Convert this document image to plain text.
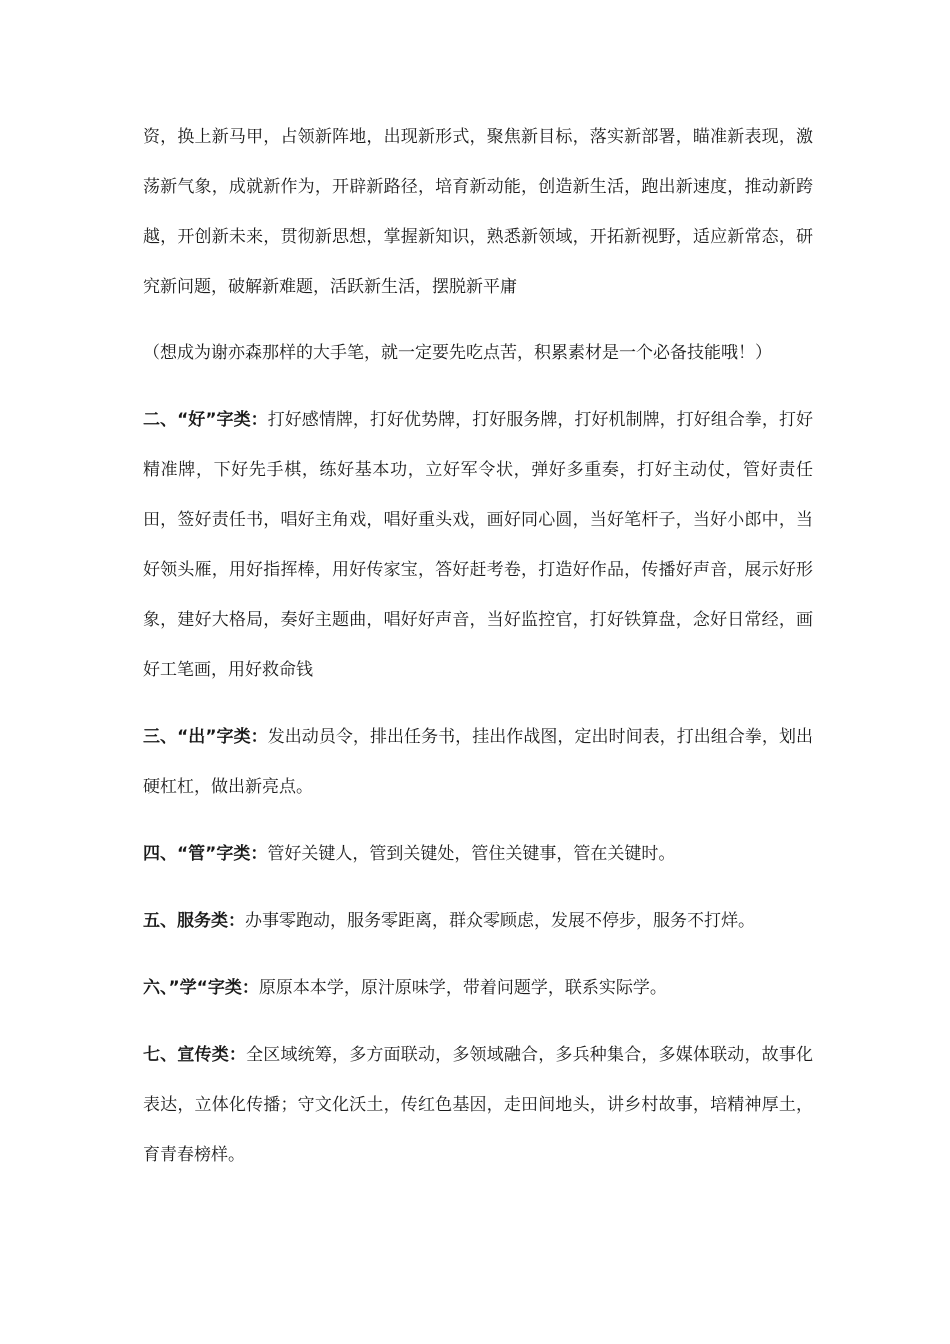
资，换上新马甲，占领新阵地，出现新形式，聚焦新目标，落实新部署，瞄准新表现，激荡新气象，成就新作为，开辟新路径，培育新动能，创造新生活，跑出新速度，推动新跨越，开创新未来，贯彻新思想，掌握新知识，熟悉新领域，开拓新视野，适应新常态，研究新问题，破解新难题，活跃新生活，摆脱新平庸

（想成为谢亦森那样的大手笔，就一定要先吃点苦，积累素材是一个必备技能哦！）

二、“好”字类：打好感情牌，打好优势牌，打好服务牌，打好机制牌，打好组合拳，打好精准牌，下好先手棋，练好基本功，立好军令状，弹好多重奏，打好主动仗，管好责任田，签好责任书，唱好主角戏，唱好重头戏，画好同心圆，当好笔杆子，当好小郎中，当好领头雁，用好指挥棒，用好传家宝，答好赶考卷，打造好作品，传播好声音，展示好形象，建好大格局，奏好主题曲，唱好好声音，当好监控官，打好铁算盘，念好日常经，画好工笔画，用好救命钱

三、“出”字类：发出动员令，排出任务书，挂出作战图，定出时间表，打出组合拳，划出硬杠杠，做出新亮点。

四、“管”字类：管好关键人，管到关键处，管住关键事，管在关键时。

五、服务类：办事零跑动，服务零距离，群众零顾虑，发展不停步，服务不打烊。

六、”学“字类：原原本本学，原汁原味学，带着问题学，联系实际学。

七、宣传类：全区域统筹，多方面联动，多领域融合，多兵种集合，多媒体联动，故事化表达，立体化传播；守文化沃土，传红色基因，走田间地头，讲乡村故事，培精神厚土，育青春榜样。
